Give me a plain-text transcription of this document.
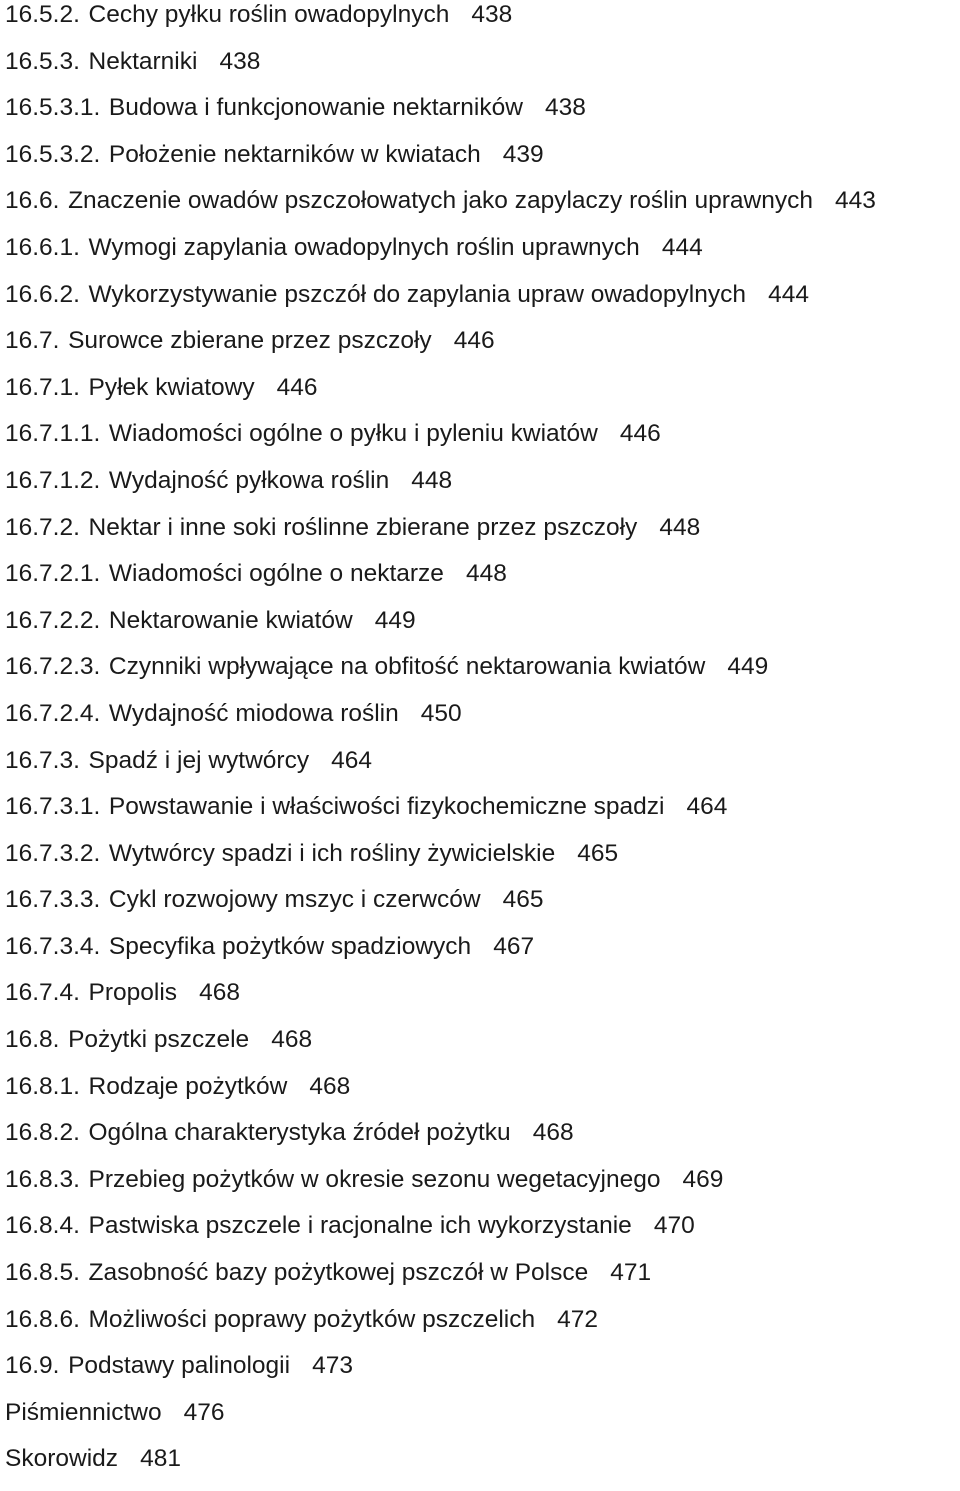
16.5.2. Cechy pyłku roślin owadopylnych 438
16.5.3. Nektarniki 438
16.5.3.1. Budowa i funkcjonowanie nektarników 438
16.5.3.2. Położenie nektarników w kwiatach 439
16.6. Znaczenie owadów pszczołowatych jako zapylaczy roślin uprawnych 443
16.6.1. Wymogi zapylania owadopylnych roślin uprawnych 444
16.6.2. Wykorzystywanie pszczół do zapylania upraw owadopylnych 444
16.7. Surowce zbierane przez pszczoły 446
16.7.1. Pyłek kwiatowy 446
16.7.1.1. Wiadomości ogólne o pyłku i pyleniu kwiatów 446
16.7.1.2. Wydajność pyłkowa roślin 448
16.7.2. Nektar i inne soki roślinne zbierane przez pszczoły 448
16.7.2.1. Wiadomości ogólne o nektarze 448
16.7.2.2. Nektarowanie kwiatów 449
16.7.2.3. Czynniki wpływające na obfitość nektarowania kwiatów 449
16.7.2.4. Wydajność miodowa roślin 450
16.7.3. Spadź i jej wytwórcy 464
16.7.3.1. Powstawanie i właściwości fizykochemiczne spadzi 464
16.7.3.2. Wytwórcy spadzi i ich rośliny żywicielskie 465
16.7.3.3. Cykl rozwojowy mszyc i czerwców 465
16.7.3.4. Specyfika pożytków spadziowych 467
16.7.4. Propolis 468
16.8. Pożytki pszczele 468
16.8.1. Rodzaje pożytków 468
16.8.2. Ogólna charakterystyka źródeł pożytku 468
16.8.3. Przebieg pożytków w okresie sezonu wegetacyjnego 469
16.8.4. Pastwiska pszczele i racjonalne ich wykorzystanie 470
16.8.5. Zasobność bazy pożytkowej pszczół w Polsce 471
16.8.6. Możliwości poprawy pożytków pszczelich 472
16.9. Podstawy palinologii 473
Piśmiennictwo 476
Skorowidz 481
